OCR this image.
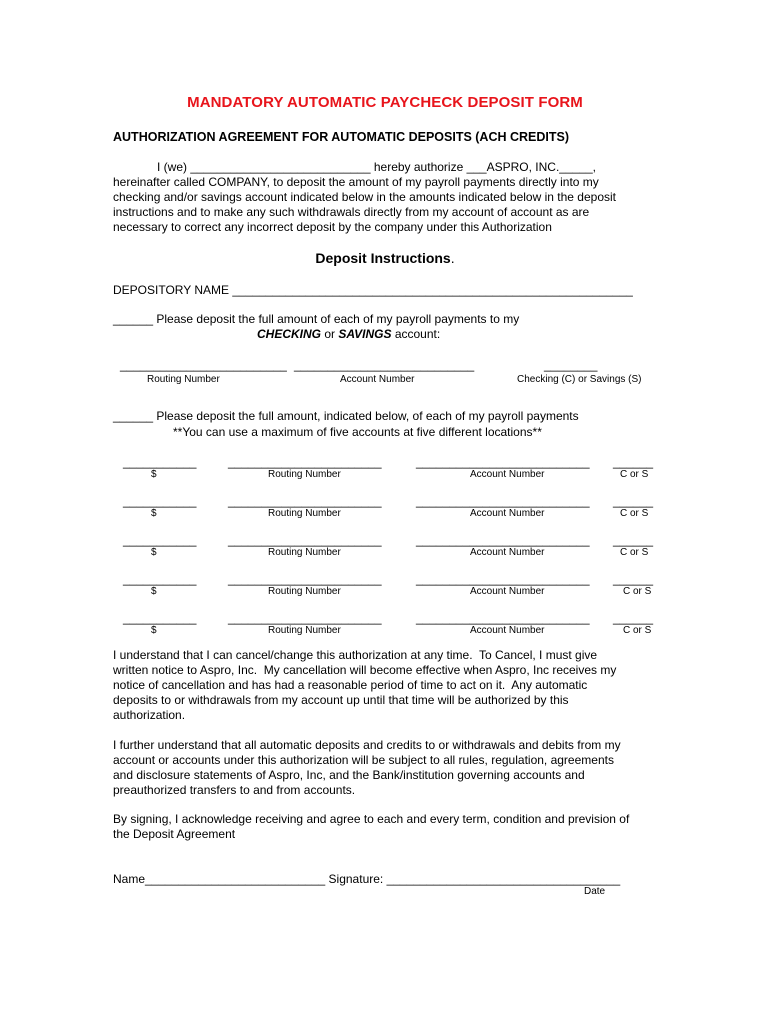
MANDATORY AUTOMATIC PAYCHECK DEPOSIT FORM
AUTHORIZATION AGREEMENT FOR AUTOMATIC DEPOSITS (ACH CREDITS)
I (we) ___________________________ hereby authorize ___ASPRO, INC._____,
hereinafter called COMPANY, to deposit the amount of my payroll payments directly into my
checking and/or savings account indicated below in the amounts indicated below in the deposit
instructions and to make any such withdrawals directly from my account of account as are
necessary to correct any incorrect deposit by the company under this Authorization
Deposit Instructions.
DEPOSITORY NAME ____________________________________________________________
______ Please deposit the full amount of each of my payroll payments to my
CHECKING or SAVINGS account:
_________________________ ___________________________	________
Routing Number	Account Number	Checking (C) or Savings (S)
______ Please deposit the full amount, indicated below, of each of my payroll payments
**You can use a maximum of five accounts at five different locations**
___________	_______________________	__________________________ ______
$	Routing Number	Account Number	C or S
___________	_______________________	__________________________ ______
$	Routing Number	Account Number	C or S
___________	_______________________	__________________________ ______
$	Routing Number	Account Number	C or S
___________	_______________________	__________________________ ______
$	Routing Number	Account Number	C or S
___________	_______________________	__________________________ ______
$	Routing Number	Account Number	C or S
I understand that I can cancel/change this authorization at any time.  To Cancel, I must give
written notice to Aspro, Inc.  My cancellation will become effective when Aspro, Inc receives my
notice of cancellation and has had a reasonable period of time to act on it.  Any automatic
deposits to or withdrawals from my account up until that time will be authorized by this
authorization.
I further understand that all automatic deposits and credits to or withdrawals and debits from my
account or accounts under this authorization will be subject to all rules, regulation, agreements
and disclosure statements of Aspro, Inc, and the Bank/institution governing accounts and
preauthorized transfers to and from accounts.
By signing, I acknowledge receiving and agree to each and every term, condition and prevision of
the Deposit Agreement
Name___________________________ Signature: ___________________________________
Date
